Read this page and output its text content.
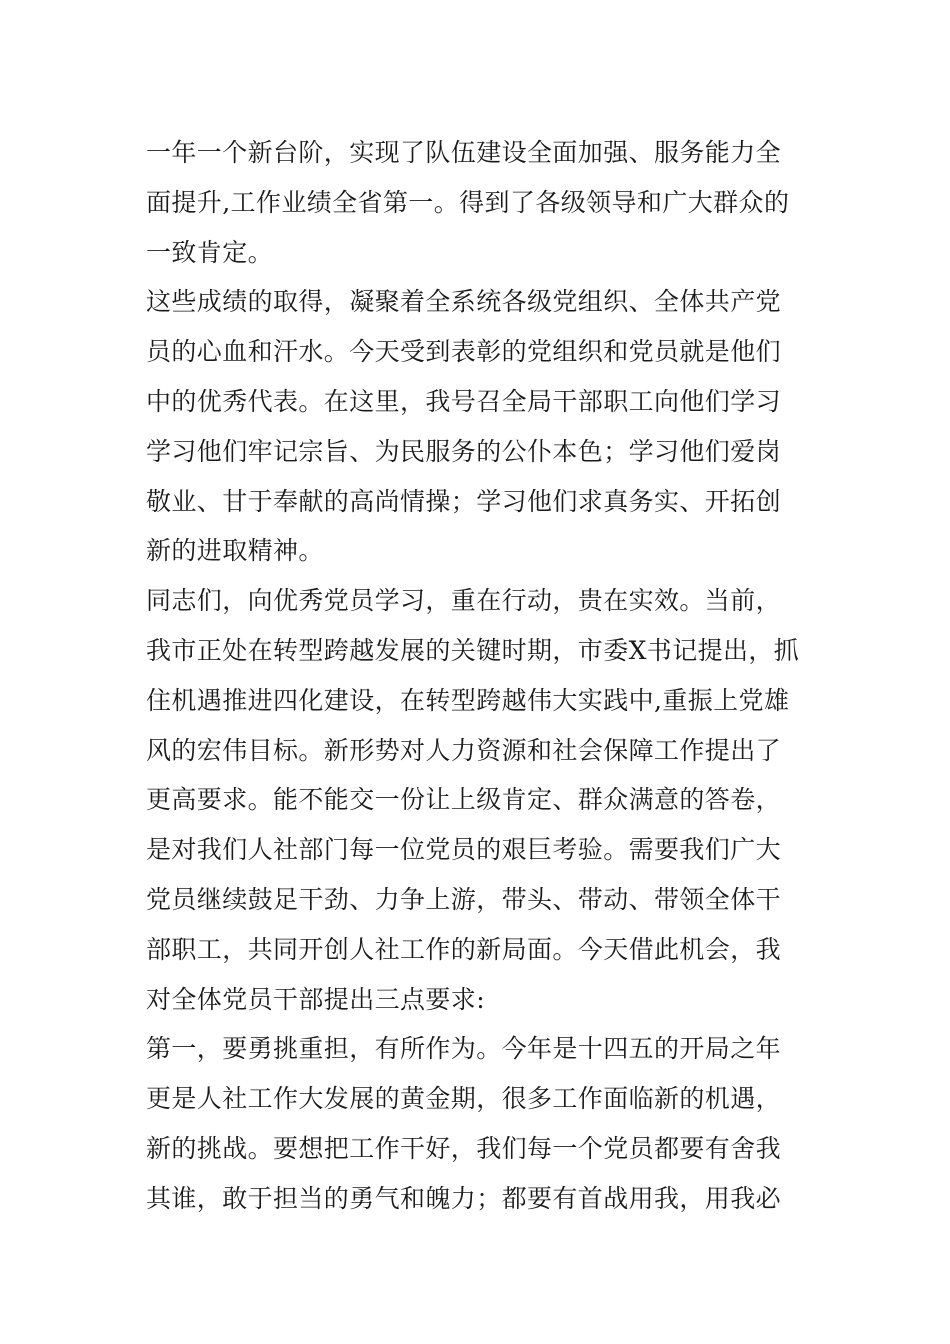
一年一个新台阶，实现了队伍建设全面加强、服务能力全
面提升,工作业绩全省第一。得到了各级领导和广大群众的
一致肯定。
这些成绩的取得，凝聚着全系统各级党组织、全体共产党
员的心血和汗水。今天受到表彰的党组织和党员就是他们
中的优秀代表。在这里，我号召全局干部职工向他们学习
学习他们牢记宗旨、为民服务的公仆本色；学习他们爱岗
敬业、甘于奉献的高尚情操；学习他们求真务实、开拓创
新的进取精神。
同志们，向优秀党员学习，重在行动，贵在实效。当前，
我市正处在转型跨越发展的关键时期，市委X书记提出，抓
住机遇推进四化建设，在转型跨越伟大实践中,重振上党雄
风的宏伟目标。新形势对人力资源和社会保障工作提出了
更高要求。能不能交一份让上级肯定、群众满意的答卷，
是对我们人社部门每一位党员的艰巨考验。需要我们广大
党员继续鼓足干劲、力争上游，带头、带动、带领全体干
部职工，共同开创人社工作的新局面。今天借此机会，我
对全体党员干部提出三点要求:
第一，要勇挑重担，有所作为。今年是十四五的开局之年
更是人社工作大发展的黄金期，很多工作面临新的机遇，
新的挑战。要想把工作干好，我们每一个党员都要有舍我
其谁，敢于担当的勇气和魄力；都要有首战用我，用我必
